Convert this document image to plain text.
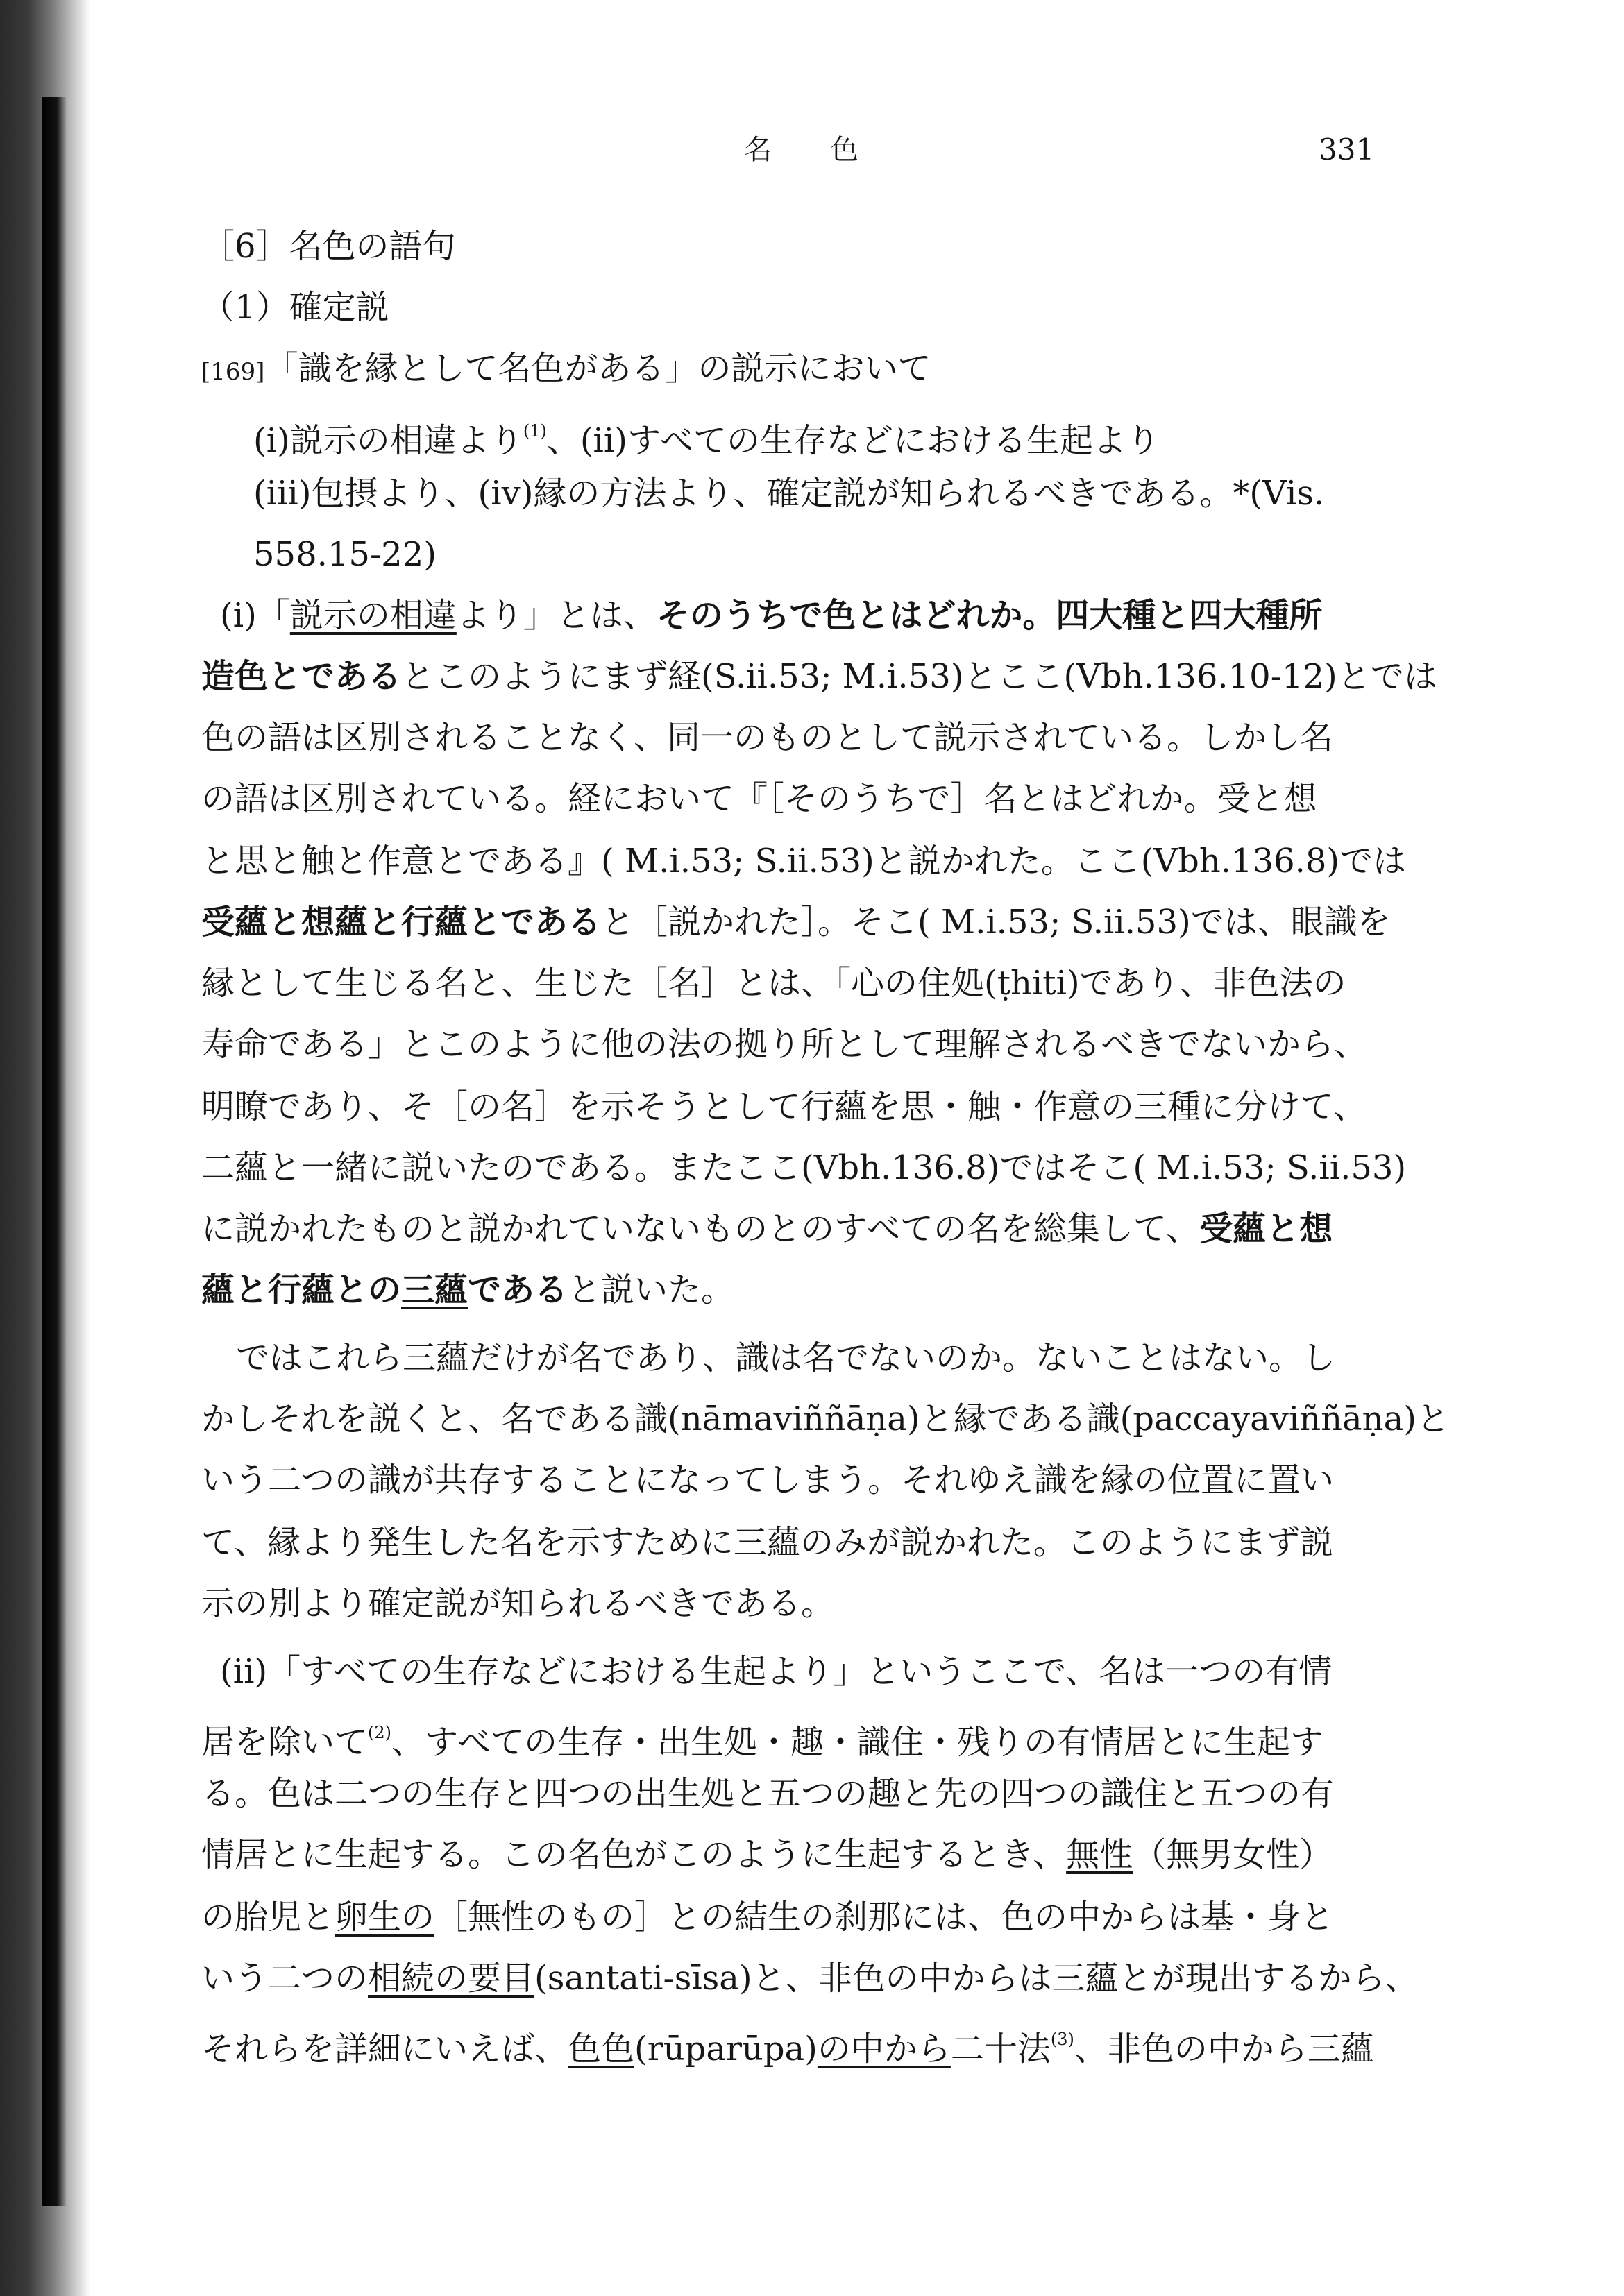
名 色	331
［6］名色の語句
（1）確定説
[169]「識を縁として名色がある」の説示において
(i)説示の相違より$^{(1)}$、(ii)すべての生存などにおける生起より
(iii)包摂より、(iv)縁の方法より、確定説が知られるべきである。*(Vis.
558.15-22)
(i)「説示の相違より」とは、そのうちで色とはどれか。四大種と四大種所
造色とであるとこのようにまず経(S.ii.53; M.i.53)とここ(Vbh.136.10-12)とでは
色の語は区別されることなく、同一のものとして説示されている。しかし名
の語は区別されている。経において『［そのうちで］名とはどれか。受と想
と思と触と作意とである』( M.i.53; S.ii.53)と説かれた。ここ(Vbh.136.8)では
受蘊と想蘊と行蘊とであると［説かれた］。そこ( M.i.53; S.ii.53)では、眼識を
縁として生じる名と、生じた［名］とは、「心の住処(ṭhiti)であり、非色法の
寿命である」とこのように他の法の拠り所として理解されるべきでないから、
明瞭であり、そ［の名］を示そうとして行蘊を思・触・作意の三種に分けて、
二蘊と一緒に説いたのである。またここ(Vbh.136.8)ではそこ( M.i.53; S.ii.53)
に説かれたものと説かれていないものとのすべての名を総集して、受蘊と想
蘊と行蘊との三蘊であると説いた。
ではこれら三蘊だけが名であり、識は名でないのか。ないことはない。し
かしそれを説くと、名である識(nāmaviññāṇa)と縁である識(paccayaviññāṇa)と
いう二つの識が共存することになってしまう。それゆえ識を縁の位置に置い
て、縁より発生した名を示すために三蘊のみが説かれた。このようにまず説
示の別より確定説が知られるべきである。
(ii)「すべての生存などにおける生起より」というここで、名は一つの有情
居を除いて$^{(2)}$、すべての生存・出生処・趣・識住・残りの有情居とに生起す
る。色は二つの生存と四つの出生処と五つの趣と先の四つの識住と五つの有
情居とに生起する。この名色がこのように生起するとき、無性（無男女性）
の胎児と卵生の［無性のもの］との結生の刹那には、色の中からは基・身と
いう二つの相続の要目(santati-sīsa)と、非色の中からは三蘊とが現出するから、
それらを詳細にいえば、色色(rūparūpa)の中から二十法$^{(3)}$、非色の中から三蘊
